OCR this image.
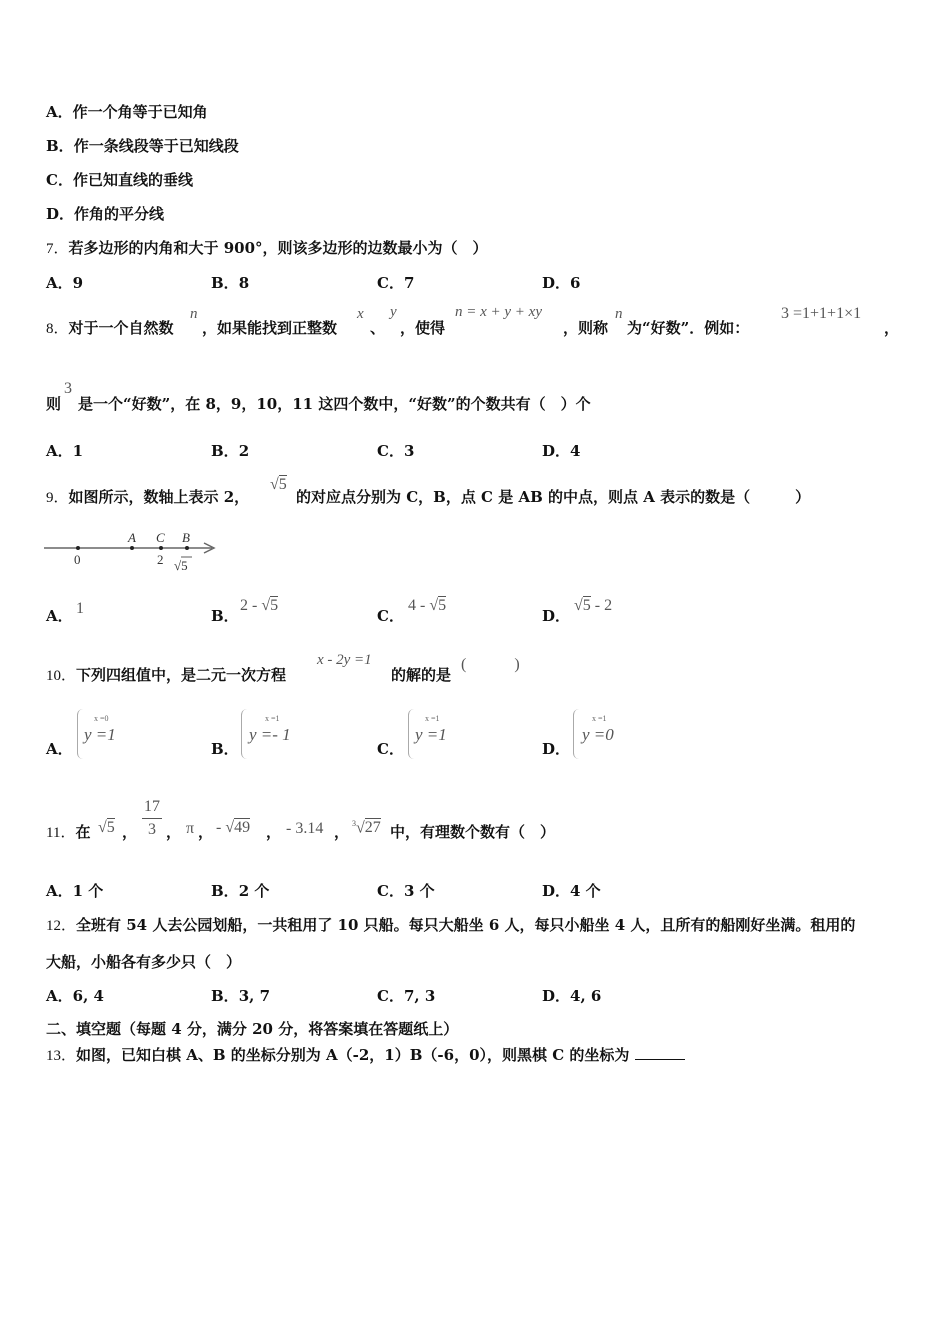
A．作一个角等于已知角
B．作一条线段等于已知线段
C．作已知直线的垂线
D．作角的平分线
7．若多边形的内角和大于 900°，则该多边形的边数最小为（　）
A．9	B．8	C．7	D．6
8．对于一个自然数
n
，如果能找到正整数
x
、
y
，使得
n = x + y + xy
，则称
n
为“好数”．例如：
3 =1+1+1×1
，
则
3
是一个“好数”，在 8，9，10，11 这四个数中，“好数”的个数共有（　）个
A．1	B．2	C．3	D．4
9．如图所示，数轴上表示 2，
√5
的对应点分别为 C，B，点 C 是 AB 的中点，则点 A 表示的数是（　　　）
A C B
0	2 √5
A． 1	B．
2 - √5
C．
4 - √5
D．
√5 - 2
10．下列四组值中，是二元一次方程
x - 2y =1
的解的是
(　　　)
A．
x =0
y =1
B．
x =1
y =- 1
C．
x =1
y =1
D．
x =1
y =0
11．在 √5 ， $\frac{17}{3}$ ， π ， - √49 ， - 3.14 ， $^3$√27 中，有理数个数有（　）
A．1 个	B．2 个	C．3 个	D．4 个
12．全班有 54 人去公园划船，一共租用了 10 只船。每只大船坐 6 人，每只小船坐 4 人，且所有的船刚好坐满。租用的
大船，小船各有多少只（　）
A．6, 4	B．3, 7	C．7, 3	D．4, 6
二、填空题（每题 4 分，满分 20 分，将答案填在答题纸上）
13．如图，已知白棋 A、B 的坐标分别为 A（-2，1）B（-6，0），则黑棋 C 的坐标为
